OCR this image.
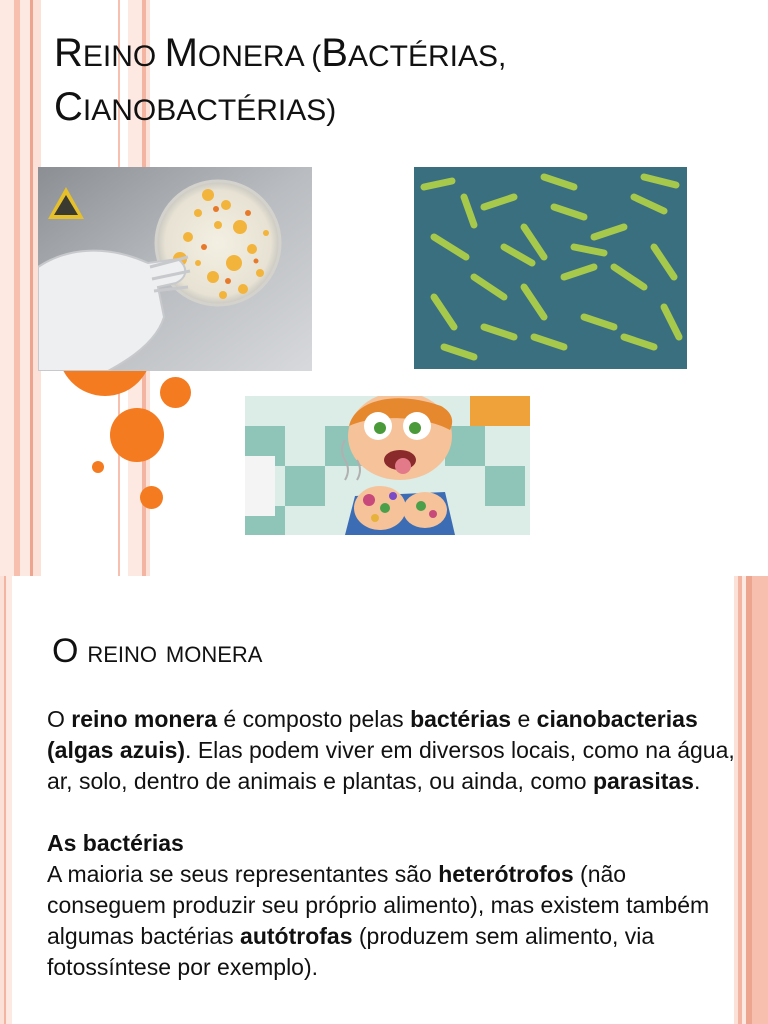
REINO MONERA (BACTÉRIAS,
CIANOBACTÉRIAS)
O reino monera

O reino monera é composto pelas bactérias e cianobacterias (algas azuis). Elas podem viver em diversos locais, como na água, ar, solo, dentro de animais e plantas, ou ainda, como parasitas.

As bactérias

A maioria se seus representantes são heterótrofos (não conseguem produzir seu próprio alimento), mas existem também algumas bactérias autótrofas (produzem sem alimento, via fotossíntese por exemplo).
